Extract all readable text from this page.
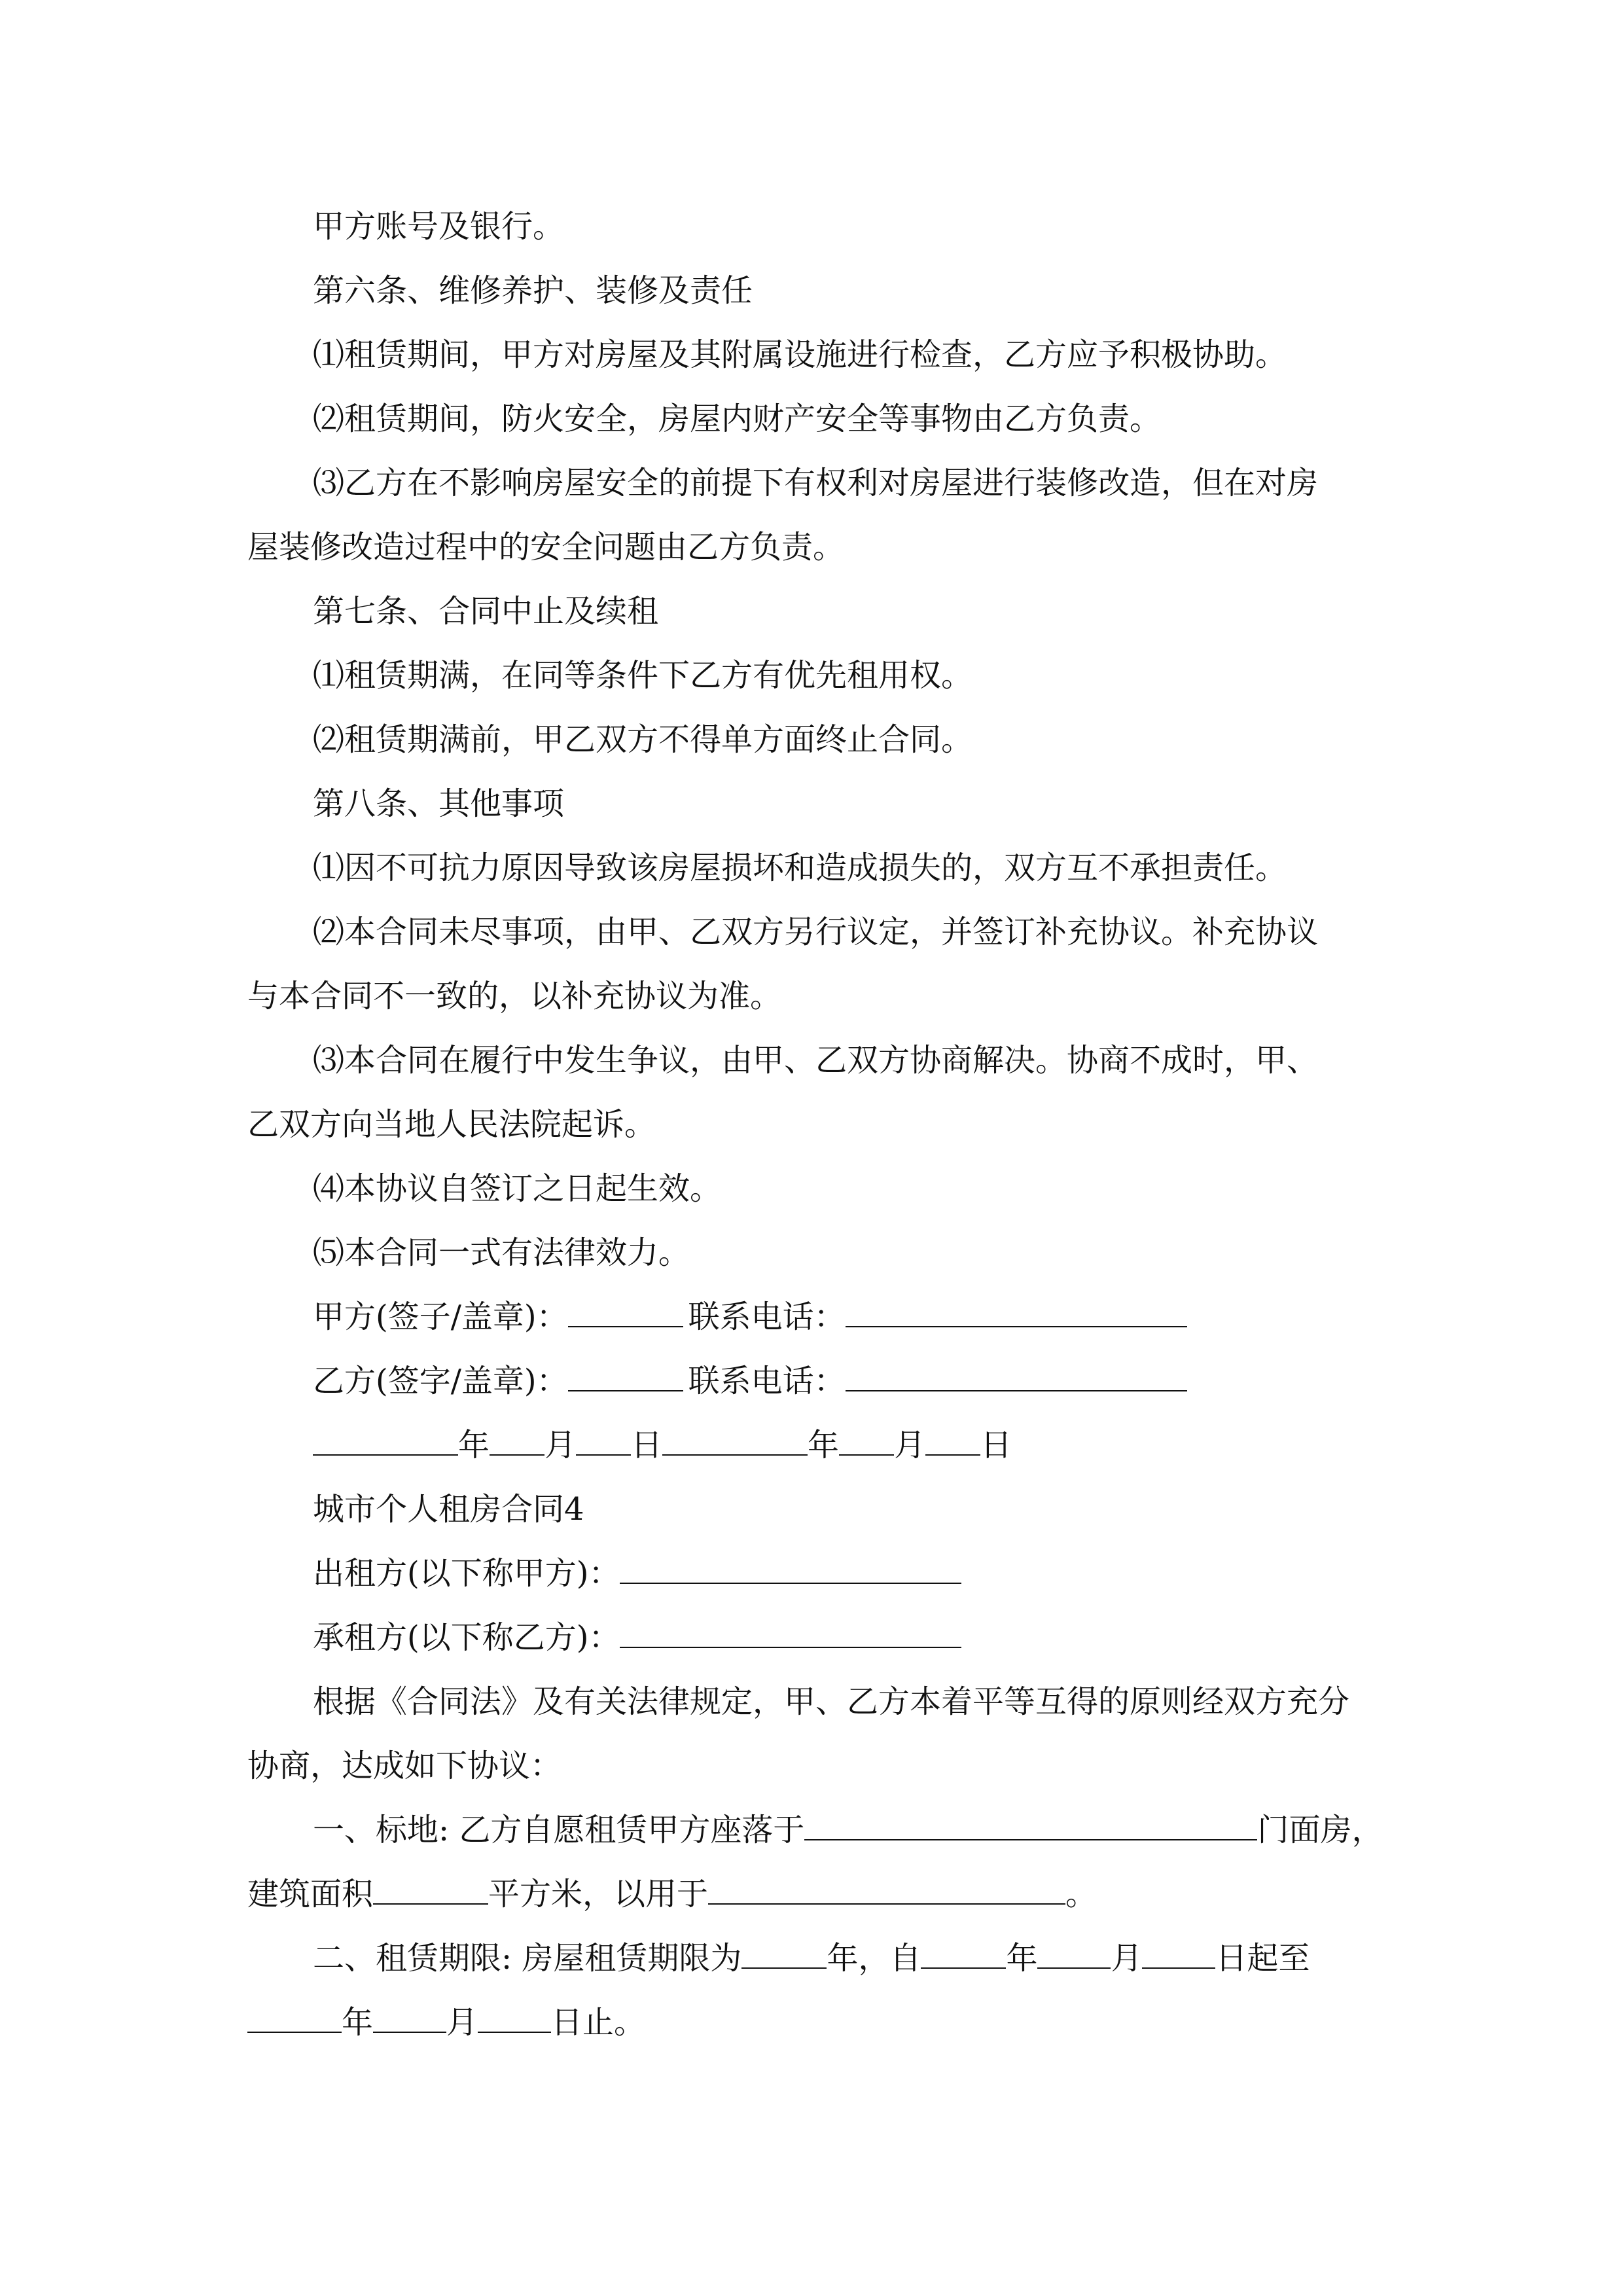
甲方账号及银行。
第六条、维修养护、装修及责任
⑴租赁期间，甲方对房屋及其附属设施进行检查，乙方应予积极协助。
⑵租赁期间，防火安全，房屋内财产安全等事物由乙方负责。
⑶乙方在不影响房屋安全的前提下有权利对房屋进行装修改造，但在对房
屋装修改造过程中的安全问题由乙方负责。
第七条、合同中止及续租
⑴租赁期满，在同等条件下乙方有优先租用权。
⑵租赁期满前，甲乙双方不得单方面终止合同。
第八条、其他事项
⑴因不可抗力原因导致该房屋损坏和造成损失的，双方互不承担责任。
⑵本合同未尽事项，由甲、乙双方另行议定，并签订补充协议。补充协议
与本合同不一致的，以补充协议为准。
⑶本合同在履行中发生争议，由甲、乙双方协商解决。协商不成时，甲、
乙双方向当地人民法院起诉。
⑷本协议自签订之日起生效。
⑸本合同一式有法律效力。
甲方(签子/盖章)：	联系电话：
乙方(签字/盖章)：	联系电话：
年 月 日	年 月 日
城市个人租房合同4
出租方(以下称甲方)：
承租方(以下称乙方)：
根据《合同法》及有关法律规定，甲、乙方本着平等互得的原则经双方充分
协商，达成如下协议：
一、标地: 乙方自愿租赁甲方座落于	门面房，
建筑面积	平方米，以用于	。
二、租赁期限: 房屋租赁期限为	年，自	年 月 日起至
年 月 日止。
